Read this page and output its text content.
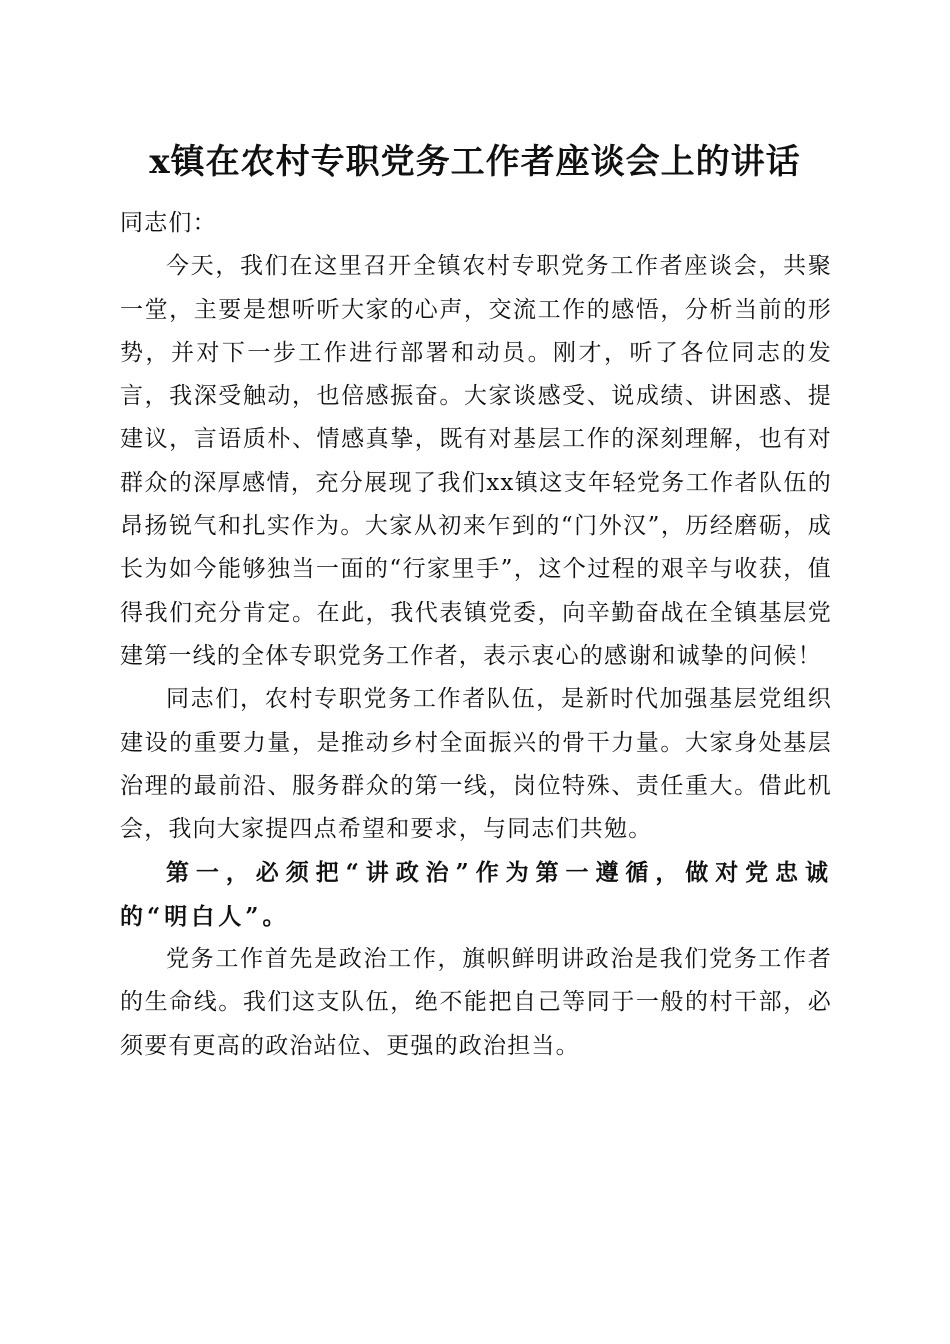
x镇在农村专职党务工作者座谈会上的讲话

同志们：

今天，我们在这里召开全镇农村专职党务工作者座谈会，共聚一堂，主要是想听听大家的心声，交流工作的感悟，分析当前的形势，并对下一步工作进行部署和动员。刚才，听了各位同志的发言，我深受触动，也倍感振奋。大家谈感受、说成绩、讲困惑、提建议，言语质朴、情感真挚，既有对基层工作的深刻理解，也有对群众的深厚感情，充分展现了我们xx镇这支年轻党务工作者队伍的昂扬锐气和扎实作为。大家从初来乍到的“门外汉”，历经磨砺，成长为如今能够独当一面的“行家里手”，这个过程的艰辛与收获，值得我们充分肯定。在此，我代表镇党委，向辛勤奋战在全镇基层党建第一线的全体专职党务工作者，表示衷心的感谢和诚挚的问候！

同志们，农村专职党务工作者队伍，是新时代加强基层党组织建设的重要力量，是推动乡村全面振兴的骨干力量。大家身处基层治理的最前沿、服务群众的第一线，岗位特殊、责任重大。借此机会，我向大家提四点希望和要求，与同志们共勉。

第一，必须把“讲政治”作为第一遵循，做对党忠诚的“明白人”。

党务工作首先是政治工作，旗帜鲜明讲政治是我们党务工作者的生命线。我们这支队伍，绝不能把自己等同于一般的村干部，必须要有更高的政治站位、更强的政治担当。
